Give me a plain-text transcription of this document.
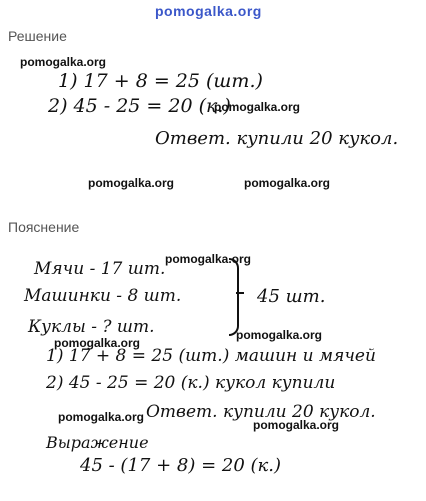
pomogalka.org
Решение
pomogalka.org
1) 17 + 8 = 25 (шт.)
2) 45 - 25 = 20 (к.)
pomogalka.org
Ответ. купили 20 кукол.
pomogalka.org	pomogalka.org
Пояснение
pomogalka.org
Мячи - 17 шт.
Машинки - 8 шт.
Куклы - ? шт.
45 шт.
pomogalka.org
pomogalka.org
1) 17 + 8 = 25 (шт.) машин и мячей
2) 45 - 25 = 20 (к.) кукол купили
pomogalka.org Ответ. купили 20 кукол.
pomogalka.org
Выражение
45 - (17 + 8) = 20 (к.)
